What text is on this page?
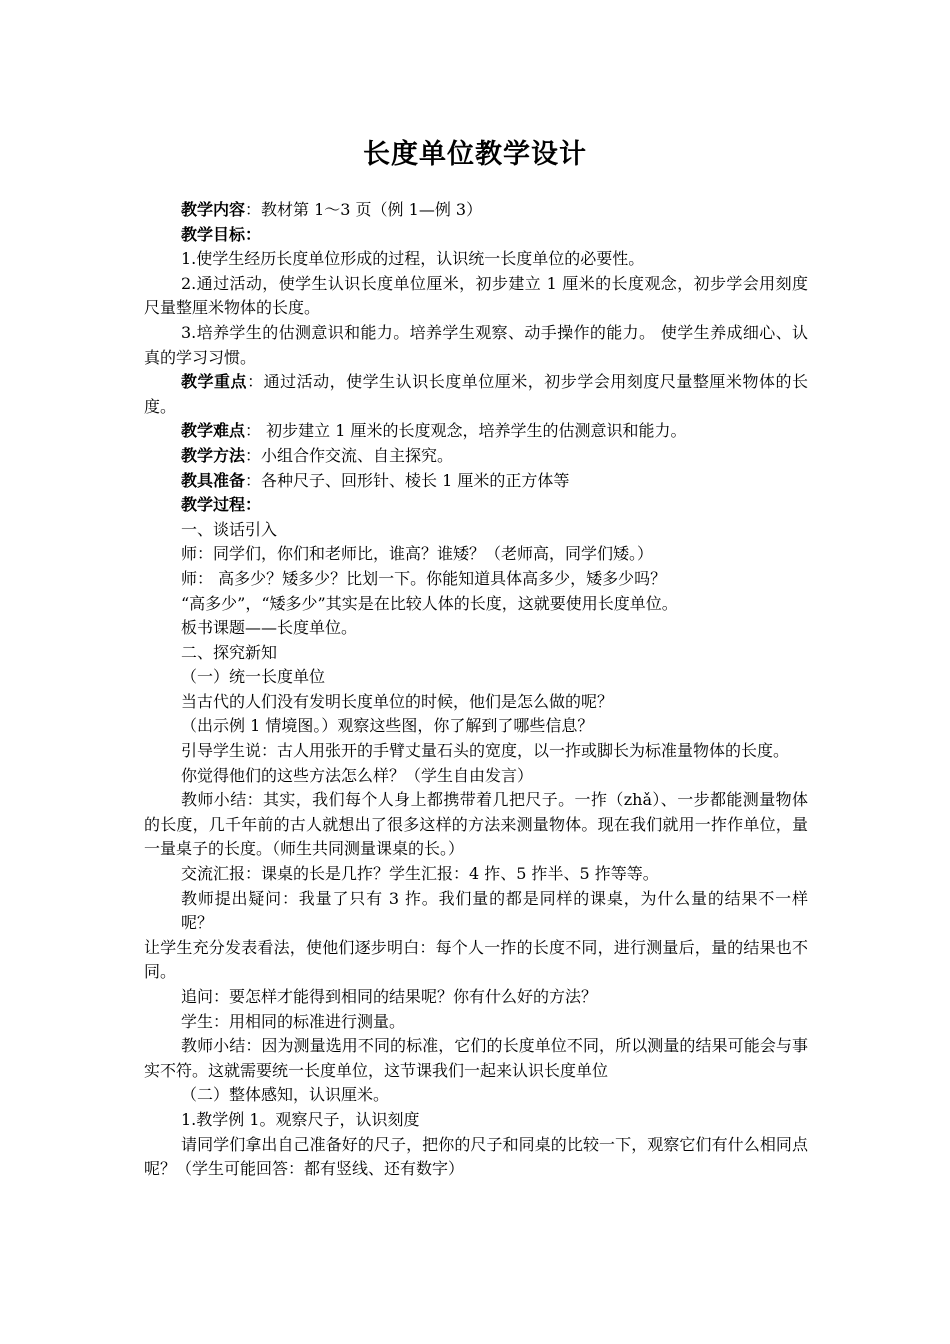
长度单位教学设计

教学内容：教材第 1～3 页（例 1—例 3）

教学目标：

1.使学生经历长度单位形成的过程，认识统一长度单位的必要性。

2.通过活动，使学生认识长度单位厘米，初步建立 1 厘米的长度观念，初步学会用刻度尺量整厘米物体的长度。

3.培养学生的估测意识和能力。培养学生观察、动手操作的能力。 使学生养成细心、认真的学习习惯。

教学重点：通过活动，使学生认识长度单位厘米，初步学会用刻度尺量整厘米物体的长度。

教学难点： 初步建立 1 厘米的长度观念，培养学生的估测意识和能力。

教学方法：小组合作交流、自主探究。

教具准备：各种尺子、回形针、棱长 1 厘米的正方体等

教学过程：

一、谈话引入

师：同学们，你们和老师比，谁高？谁矮？（老师高，同学们矮。）

师： 高多少？矮多少？比划一下。你能知道具体高多少，矮多少吗？

“高多少”，“矮多少”其实是在比较人体的长度，这就要使用长度单位。

板书课题——长度单位。

二、探究新知

（一）统一长度单位

当古代的人们没有发明长度单位的时候，他们是怎么做的呢？

（出示例 1 情境图。）观察这些图，你了解到了哪些信息？

引导学生说：古人用张开的手臂丈量石头的宽度，以一拃或脚长为标准量物体的长度。

你觉得他们的这些方法怎么样？（学生自由发言）

教师小结：其实，我们每个人身上都携带着几把尺子。一拃（zhǎ）、一步都能测量物体的长度，几千年前的古人就想出了很多这样的方法来测量物体。现在我们就用一拃作单位，量一量桌子的长度。（师生共同测量课桌的长。）

交流汇报：课桌的长是几拃？学生汇报：4 拃、5 拃半、5 拃等等。

教师提出疑问：我量了只有 3 拃。我们量的都是同样的课桌，为什么量的结果不一样呢？

让学生充分发表看法，使他们逐步明白：每个人一拃的长度不同，进行测量后，量的结果也不同。

追问：要怎样才能得到相同的结果呢？你有什么好的方法？

学生：用相同的标准进行测量。

教师小结：因为测量选用不同的标准，它们的长度单位不同，所以测量的结果可能会与事实不符。这就需要统一长度单位，这节课我们一起来认识长度单位

（二）整体感知，认识厘米。

1.教学例 1。观察尺子，认识刻度

请同学们拿出自己准备好的尺子，把你的尺子和同桌的比较一下，观察它们有什么相同点呢？（学生可能回答：都有竖线、还有数字）
